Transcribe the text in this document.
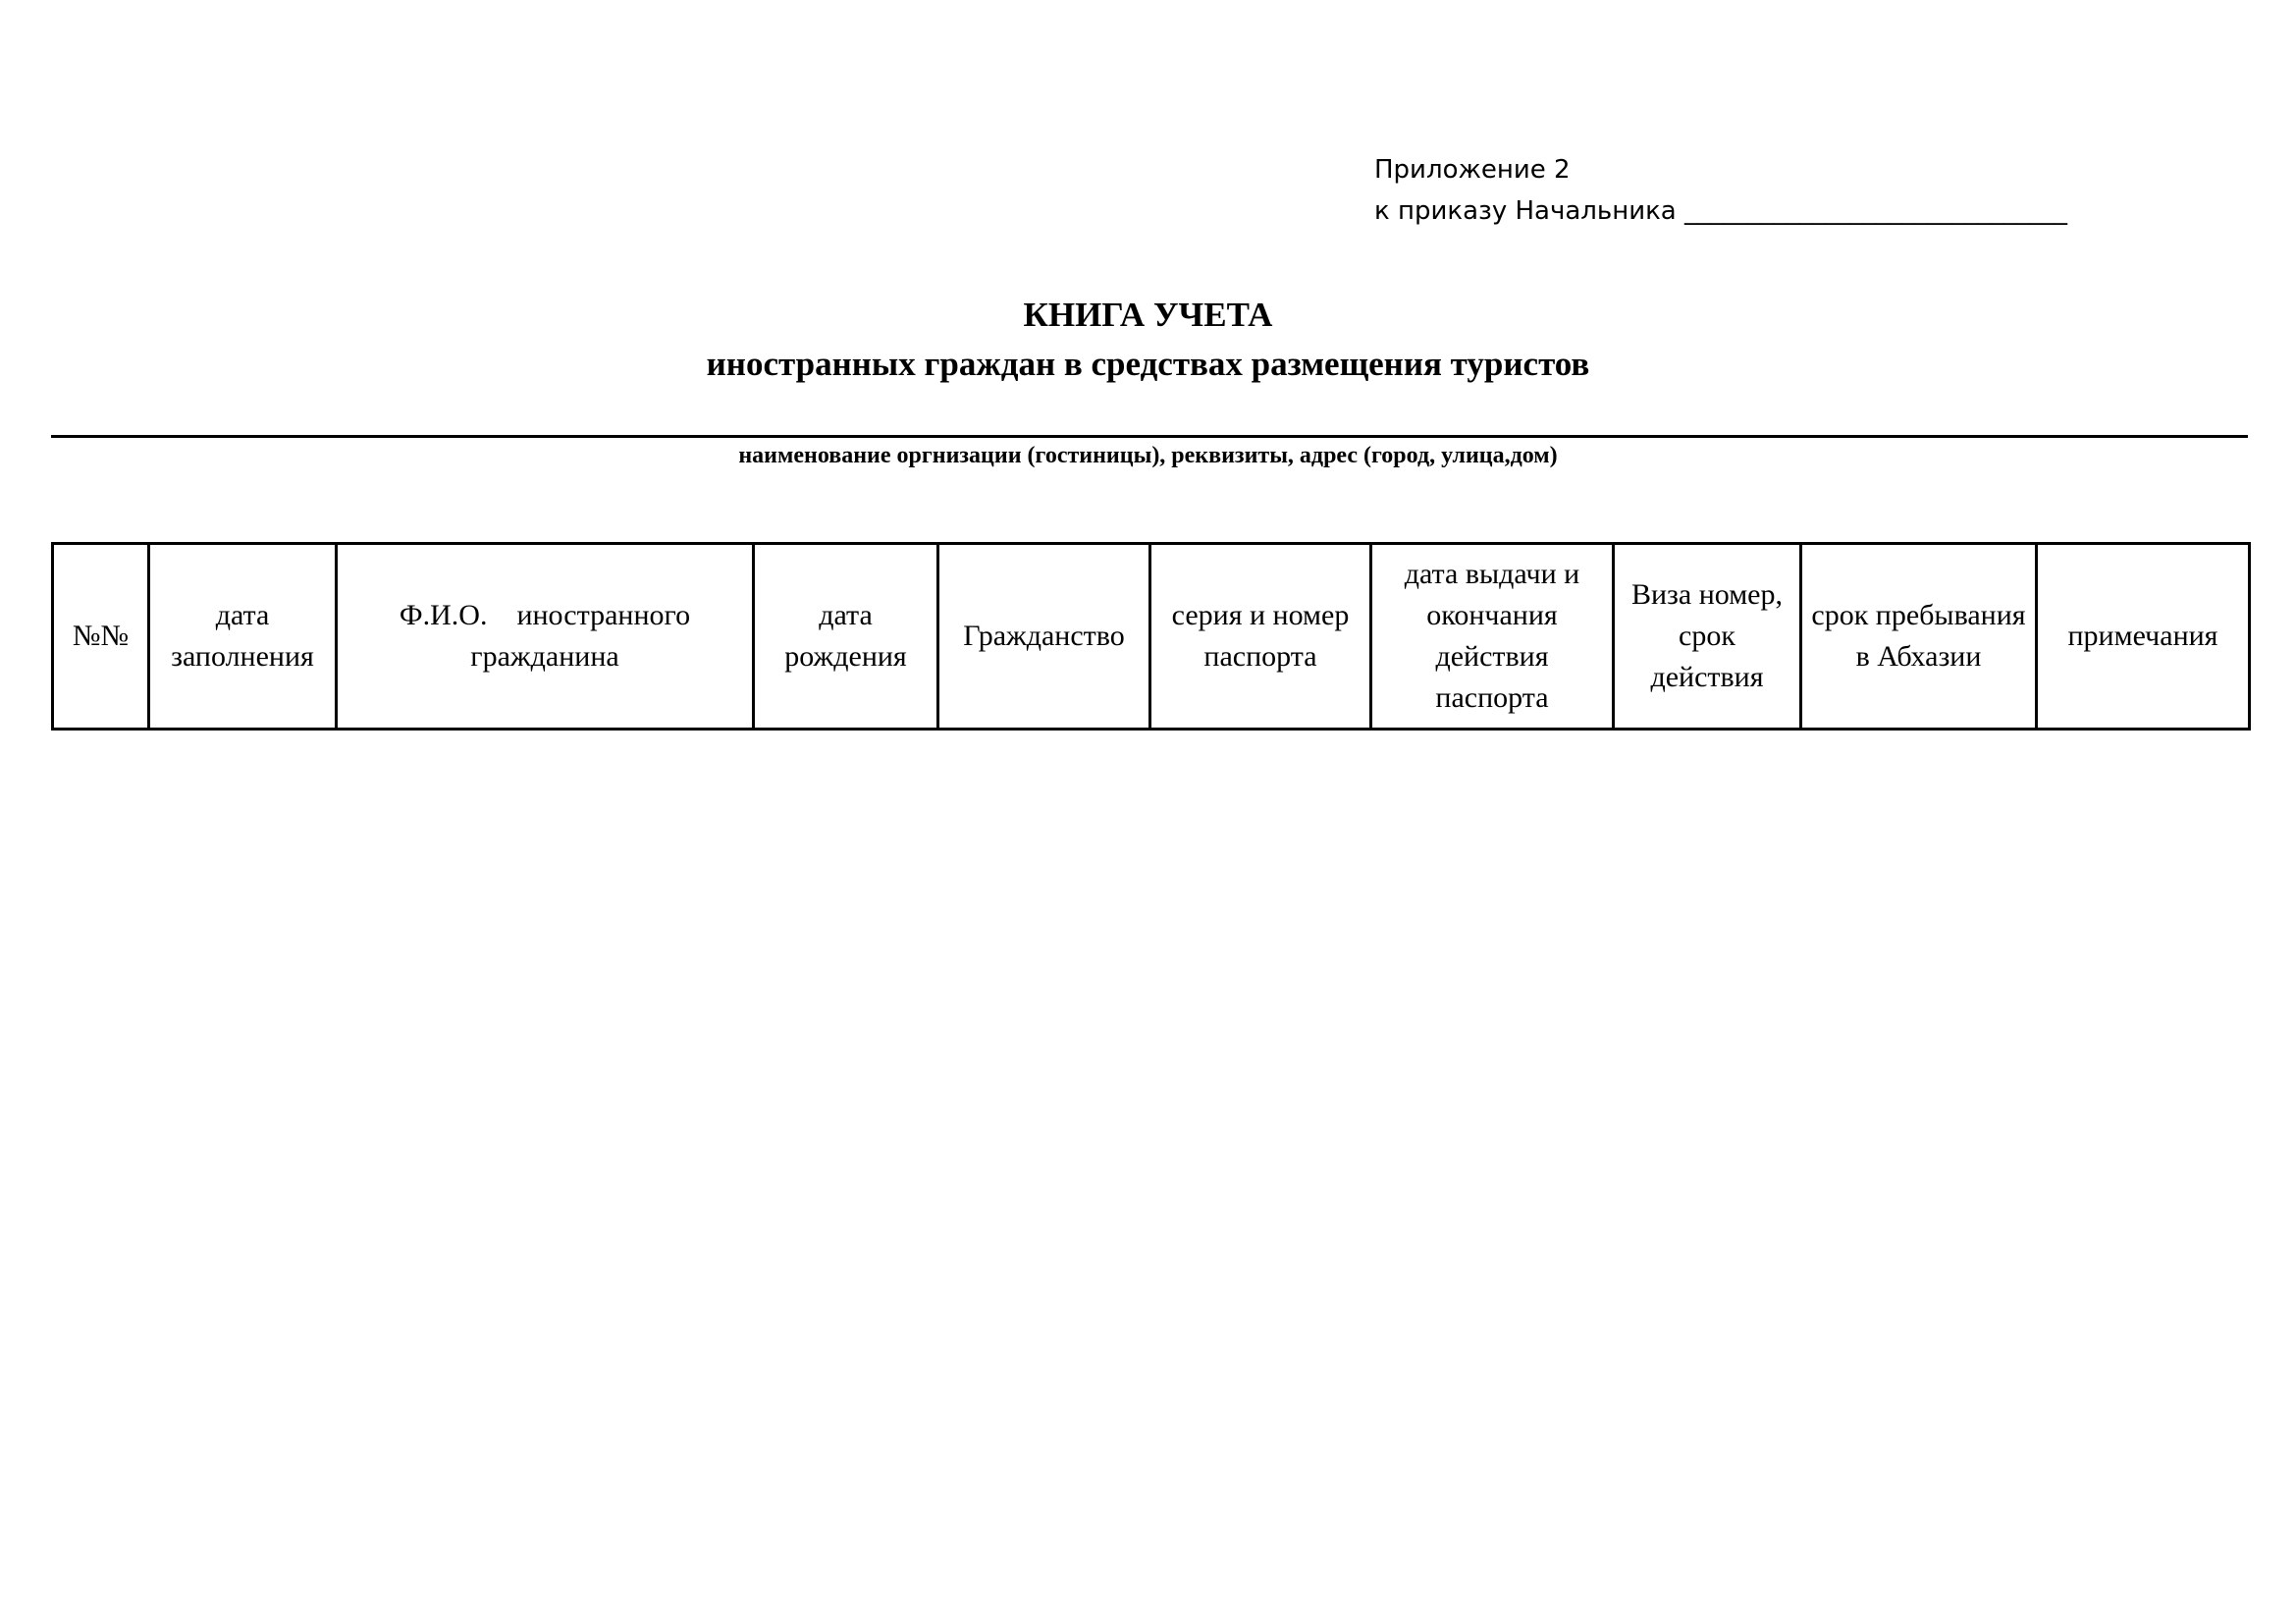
Приложение 2
к приказу Начальника ______________________________
КНИГА УЧЕТА
иностранных граждан в средствах размещения туристов
наименование оргнизации (гостиницы), реквизиты, адрес (город, улица,дом)
№№	дата заполнения	Ф.И.О.    иностранного гражданина	дата рождения	Гражданство	серия и номер паспорта	дата выдачи и окончания действия паспорта	Виза номер, срок действия	срок пребывания в Абхазии	примечания
